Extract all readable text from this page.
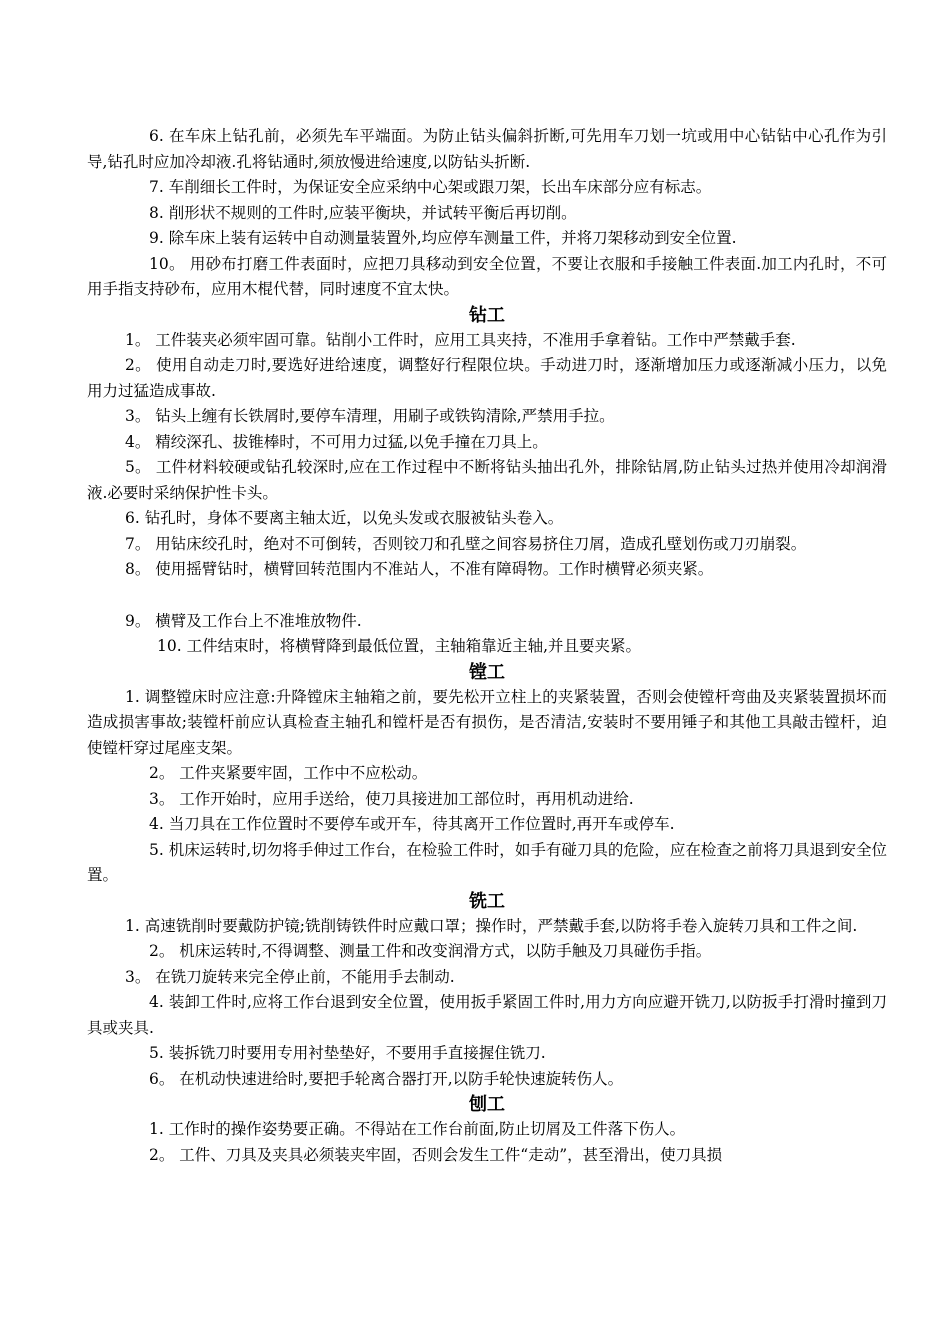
6. 在车床上钻孔前，必须先车平端面。为防止钻头偏斜折断,可先用车刀划一坑或用中心钻钻中心孔作为引导,钻孔时应加冷却液.孔将钻通时,须放慢进给速度,以防钻头折断.

7. 车削细长工件时，为保证安全应采纳中心架或跟刀架，长出车床部分应有标志。

8. 削形状不规则的工件时,应装平衡块，并试转平衡后再切削。

9. 除车床上装有运转中自动测量装置外,均应停车测量工件，并将刀架移动到安全位置.

10。 用砂布打磨工件表面时，应把刀具移动到安全位置，不要让衣服和手接触工件表面.加工内孔时，不可用手指支持砂布，应用木棍代替，同时速度不宜太快。

钻工

1。 工件装夹必须牢固可靠。钻削小工件时，应用工具夹持，不准用手拿着钻。工作中严禁戴手套.

2。 使用自动走刀时,要选好进给速度，调整好行程限位块。手动进刀时，逐渐增加压力或逐渐减小压力，以免用力过猛造成事故.

3。 钻头上缠有长铁屑时,要停车清理，用刷子或铁钩清除,严禁用手拉。

4。 精绞深孔、拔锥棒时，不可用力过猛,以免手撞在刀具上。

5。 工件材料较硬或钻孔较深时,应在工作过程中不断将钻头抽出孔外，排除钻屑,防止钻头过热并使用冷却润滑液.必要时采纳保护性卡头。

6. 钻孔时，身体不要离主轴太近，以免头发或衣服被钻头卷入。

7。 用钻床绞孔时，绝对不可倒转，否则铰刀和孔壁之间容易挤住刀屑，造成孔壁划伤或刀刃崩裂。

8。 使用摇臂钻时，横臂回转范围内不准站人，不准有障碍物。工作时横臂必须夹紧。

9。 横臂及工作台上不准堆放物件.

10. 工件结束时，将横臂降到最低位置，主轴箱靠近主轴,并且要夹紧。

镗工

1. 调整镗床时应注意:升降镗床主轴箱之前，要先松开立柱上的夹紧装置，否则会使镗杆弯曲及夹紧装置损坏而造成损害事故;装镗杆前应认真检查主轴孔和镗杆是否有损伤，是否清洁,安装时不要用锤子和其他工具敲击镗杆，迫使镗杆穿过尾座支架。

2。 工件夹紧要牢固，工作中不应松动。

3。 工作开始时，应用手送给，使刀具接进加工部位时，再用机动进给.

4. 当刀具在工作位置时不要停车或开车，待其离开工作位置时,再开车或停车.

5. 机床运转时,切勿将手伸过工作台，在检验工件时，如手有碰刀具的危险，应在检查之前将刀具退到安全位置。

铣工

1. 高速铣削时要戴防护镜;铣削铸铁件时应戴口罩；操作时，严禁戴手套,以防将手卷入旋转刀具和工件之间.

2。 机床运转时,不得调整、测量工件和改变润滑方式，以防手触及刀具碰伤手指。

3。 在铣刀旋转来完全停止前，不能用手去制动.

4. 装卸工件时,应将工作台退到安全位置，使用扳手紧固工件时,用力方向应避开铣刀,以防扳手打滑时撞到刀具或夹具.

5. 装拆铣刀时要用专用衬垫垫好，不要用手直接握住铣刀.

6。 在机动快速进给时,要把手轮离合器打开,以防手轮快速旋转伤人。

刨工

1. 工作时的操作姿势要正确。不得站在工作台前面,防止切屑及工件落下伤人。

2。 工件、刀具及夹具必须装夹牢固，否则会发生工件“走动”，甚至滑出，使刀具损
